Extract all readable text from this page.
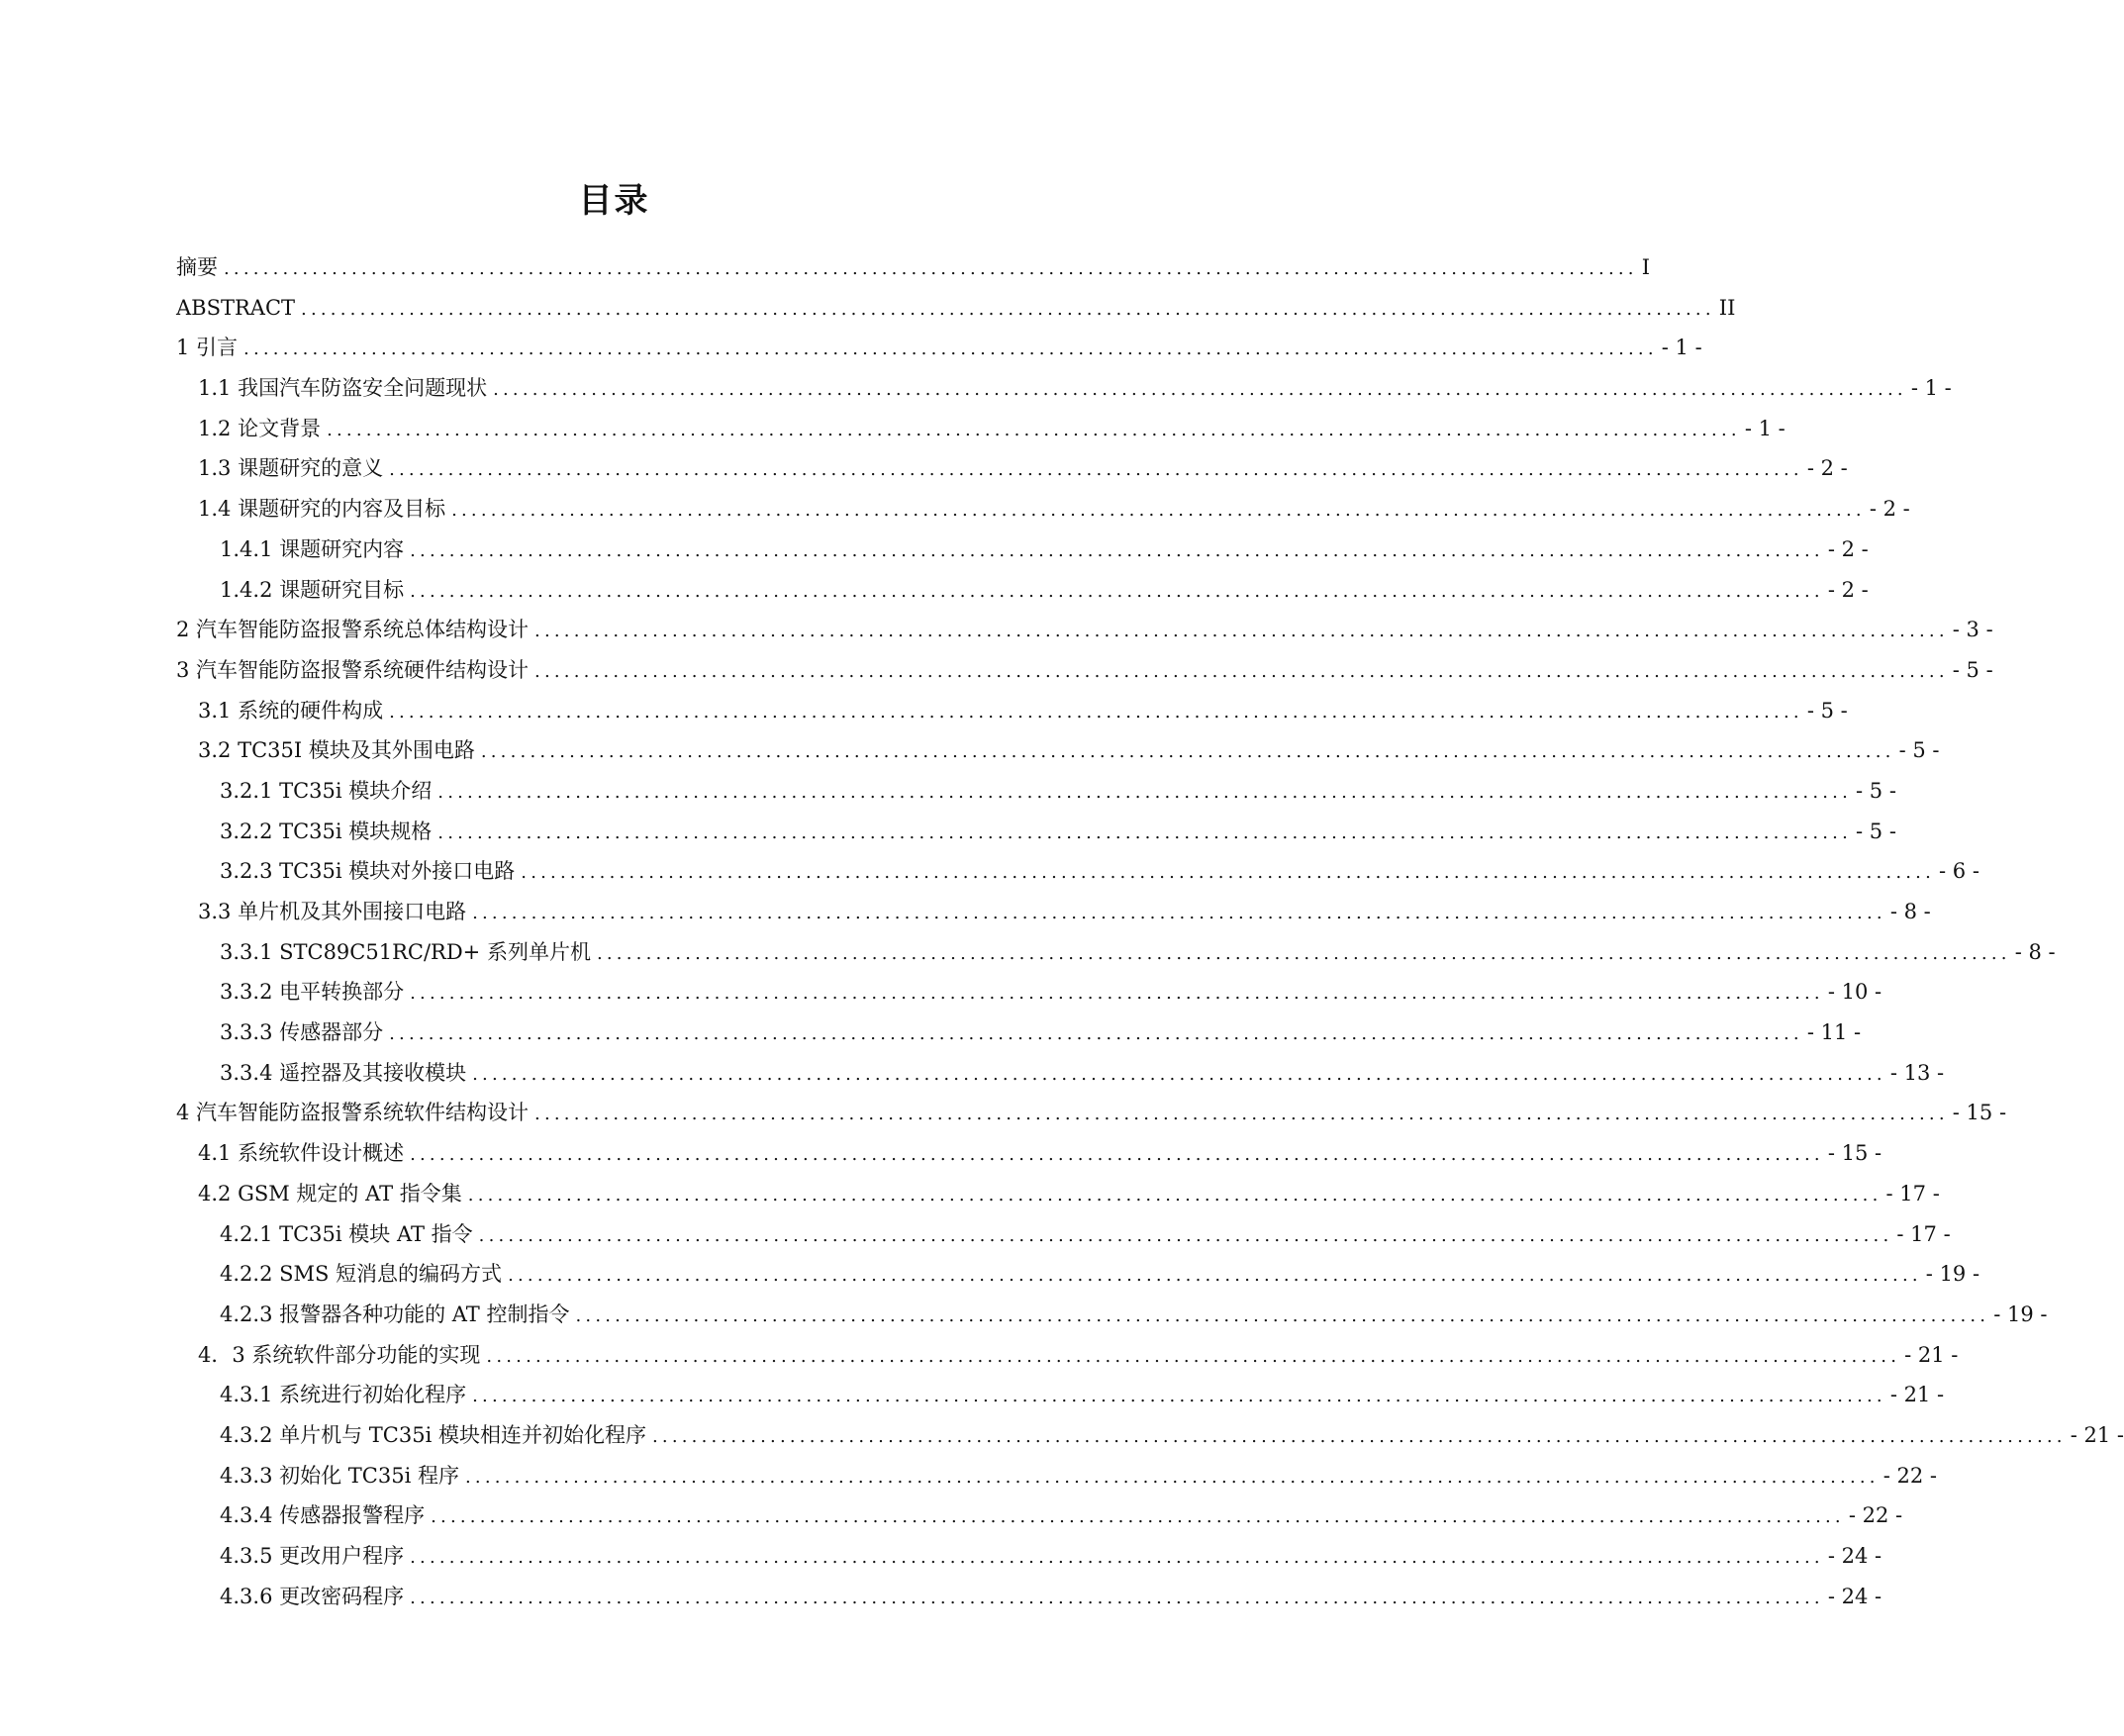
目录
摘要 ................................................................................................................................................ I
ABSTRACT ................................................................................................................................................ II
1 引言 ................................................................................................................................................ - 1 -
1.1 我国汽车防盗安全问题现状 ................................................................................................................................................ - 1 -
1.2 论文背景 ................................................................................................................................................ - 1 -
1.3 课题研究的意义 ................................................................................................................................................ - 2 -
1.4 课题研究的内容及目标 ................................................................................................................................................ - 2 -
1.4.1 课题研究内容 ................................................................................................................................................ - 2 -
1.4.2 课题研究目标 ................................................................................................................................................ - 2 -
2 汽车智能防盗报警系统总体结构设计 ................................................................................................................................................ - 3 -
3 汽车智能防盗报警系统硬件结构设计 ................................................................................................................................................ - 5 -
3.1 系统的硬件构成 ................................................................................................................................................ - 5 -
3.2 TC35I 模块及其外围电路 ................................................................................................................................................ - 5 -
3.2.1 TC35i 模块介绍 ................................................................................................................................................ - 5 -
3.2.2 TC35i 模块规格 ................................................................................................................................................ - 5 -
3.2.3 TC35i 模块对外接口电路 ................................................................................................................................................ - 6 -
3.3 单片机及其外围接口电路 ................................................................................................................................................ - 8 -
3.3.1 STC89C51RC/RD+ 系列单片机 ................................................................................................................................................ - 8 -
3.3.2 电平转换部分 ................................................................................................................................................ - 10 -
3.3.3 传感器部分 ................................................................................................................................................ - 11 -
3.3.4 遥控器及其接收模块 ................................................................................................................................................ - 13 -
4 汽车智能防盗报警系统软件结构设计 ................................................................................................................................................ - 15 -
4.1 系统软件设计概述 ................................................................................................................................................ - 15 -
4.2 GSM 规定的 AT 指令集 ................................................................................................................................................ - 17 -
4.2.1 TC35i 模块 AT 指令 ................................................................................................................................................ - 17 -
4.2.2 SMS 短消息的编码方式 ................................................................................................................................................ - 19 -
4.2.3 报警器各种功能的 AT 控制指令 ................................................................................................................................................ - 19 -
4．3 系统软件部分功能的实现 ................................................................................................................................................ - 21 -
4.3.1 系统进行初始化程序 ................................................................................................................................................ - 21 -
4.3.2 单片机与 TC35i 模块相连并初始化程序 ................................................................................................................................................ - 21 -
4.3.3 初始化 TC35i 程序 ................................................................................................................................................ - 22 -
4.3.4 传感器报警程序 ................................................................................................................................................ - 22 -
4.3.5 更改用户程序 ................................................................................................................................................ - 24 -
4.3.6 更改密码程序 ................................................................................................................................................ - 24 -
